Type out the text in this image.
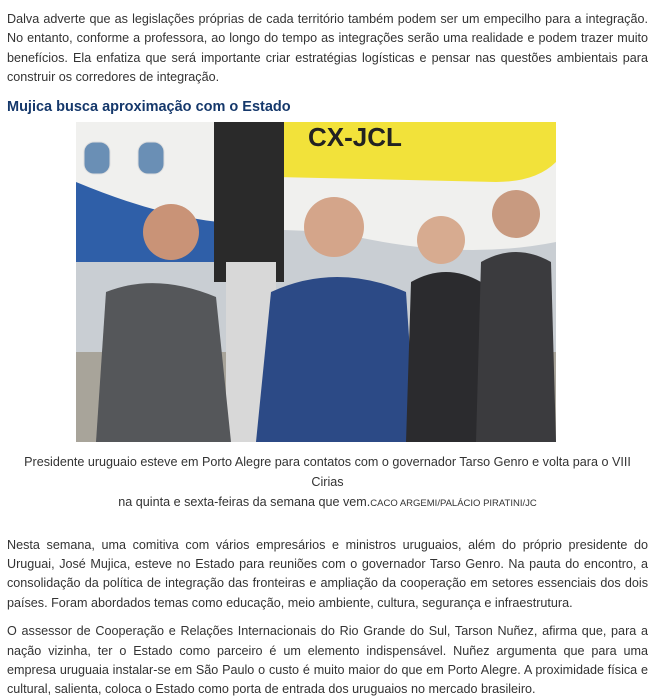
Dalva adverte que as legislações próprias de cada território também podem ser um empecilho para a integração. No entanto, conforme a professora, ao longo do tempo as integrações serão uma realidade e podem trazer muito benefícios. Ela enfatiza que será importante criar estratégias logísticas e pensar nas questões ambientais para construir os corredores de integração.

Mujica busca aproximação com o Estado
CX-JCL
Presidente uruguaio esteve em Porto Alegre para contatos com o governador Tarso Genro e volta para o VIII Cirias
na quinta e sexta-feiras da semana que vem.CACO ARGEMI/PALÁCIO PIRATINI/JC

Nesta semana, uma comitiva com vários empresários e ministros uruguaios, além do próprio presidente do Uruguai, José Mujica, esteve no Estado para reuniões com o governador Tarso Genro. Na pauta do encontro, a consolidação da política de integração das fronteiras e ampliação da cooperação em setores essenciais dos dois países. Foram abordados temas como educação, meio ambiente, cultura, segurança e infraestrutura.

O assessor de Cooperação e Relações Internacionais do Rio Grande do Sul, Tarson Nuñez, afirma que, para a nação vizinha, ter o Estado como parceiro é um elemento indispensável. Nuñez argumenta que para uma empresa uruguaia instalar-se em São Paulo o custo é muito maior do que em Porto Alegre. A proximidade física e cultural, salienta, coloca o Estado como porta de entrada dos uruguaios no mercado brasileiro.
